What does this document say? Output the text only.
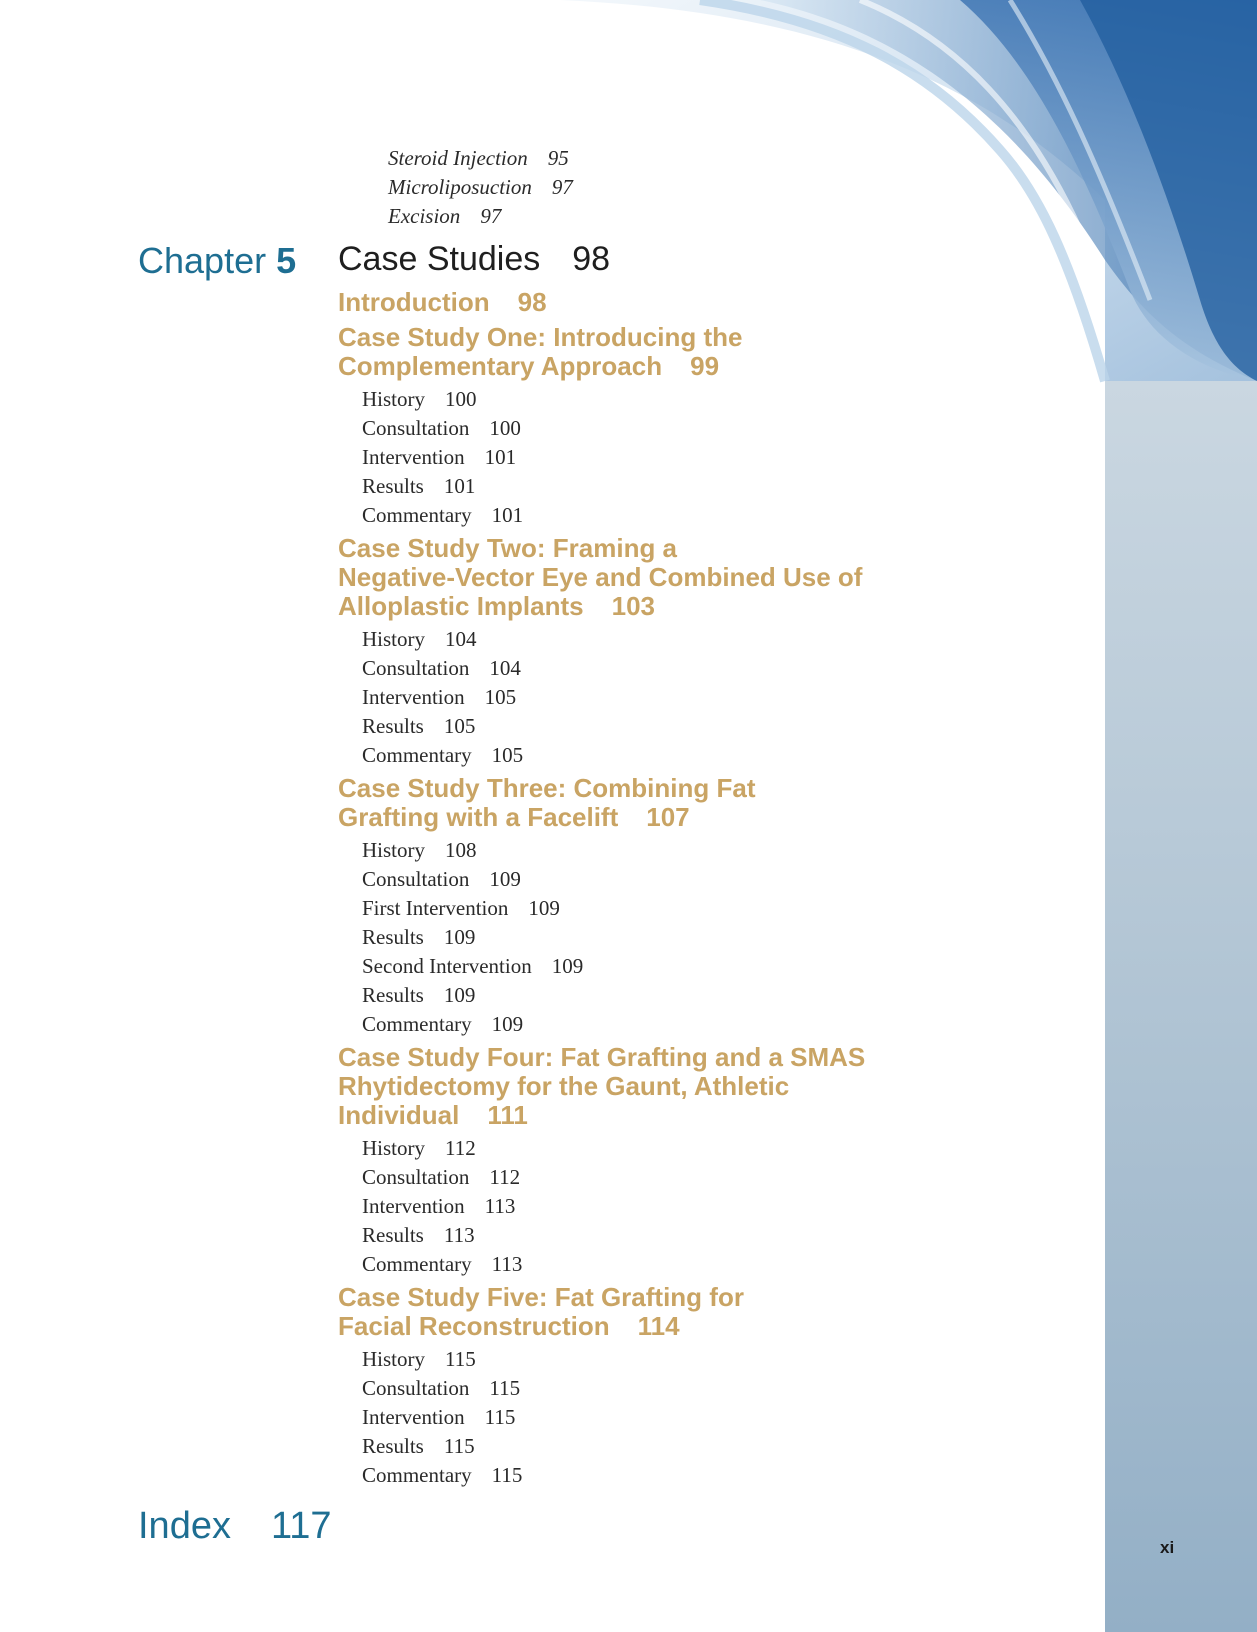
Steroid Injection 95
Microliposuction 97
Excision 97
Chapter 5 Case Studies 98
Introduction 98
Case Study One: Introducing the
Complementary Approach 99
History 100
Consultation 100
Intervention 101
Results 101
Commentary 101
Case Study Two: Framing a
Negative-Vector Eye and Combined Use of
Alloplastic Implants 103
History 104
Consultation 104
Intervention 105
Results 105
Commentary 105
Case Study Three: Combining Fat
Grafting with a Facelift 107
History 108
Consultation 109
First Intervention 109
Results 109
Second Intervention 109
Results 109
Commentary 109
Case Study Four: Fat Grafting and a SMAS
Rhytidectomy for the Gaunt, Athletic
Individual 111
History 112
Consultation 112
Intervention 113
Results 113
Commentary 113
Case Study Five: Fat Grafting for
Facial Reconstruction 114
History 115
Consultation 115
Intervention 115
Results 115
Commentary 115
Index 117
xi
